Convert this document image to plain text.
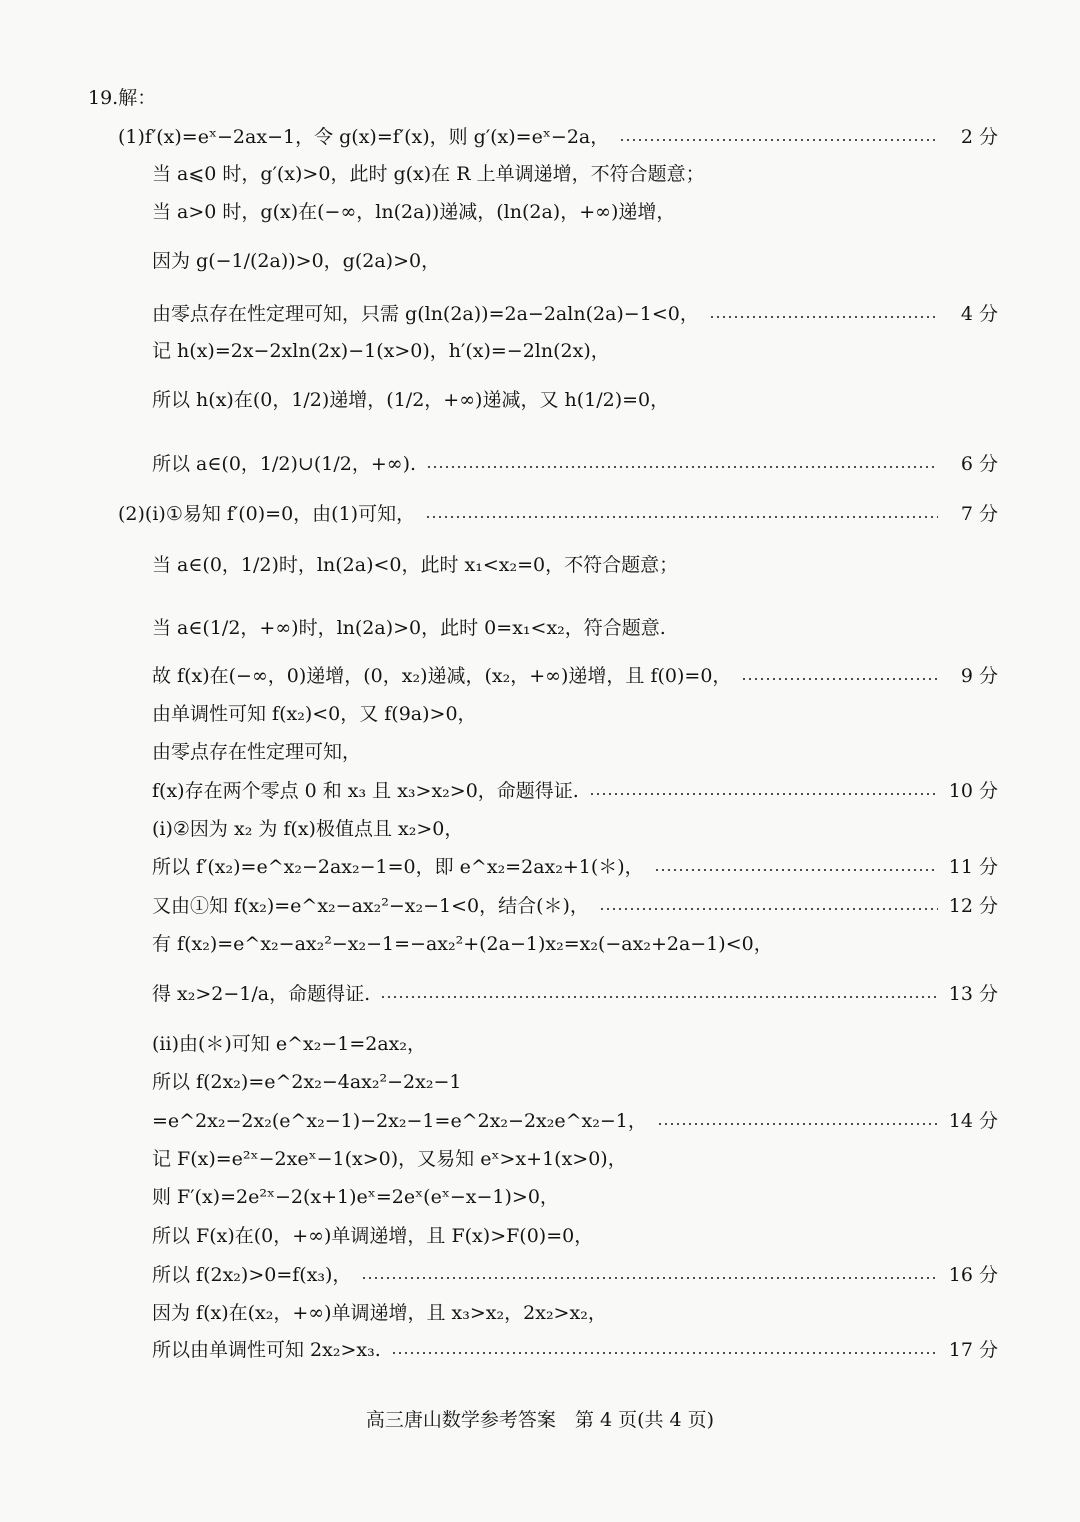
19.解：
(1)f′(x)=eˣ−2ax−1，令 g(x)=f′(x)，则 g′(x)=eˣ−2a，	2 分
当 a⩽0 时，g′(x)>0，此时 g(x)在 R 上单调递增，不符合题意；
当 a>0 时，g(x)在(−∞，ln(2a))递减，(ln(2a)，+∞)递增，
因为 g(−1/(2a))>0，g(2a)>0，
由零点存在性定理可知，只需 g(ln(2a))=2a−2aln(2a)−1<0，	4 分
记 h(x)=2x−2xln(2x)−1(x>0)，h′(x)=−2ln(2x)，
所以 h(x)在(0，1/2)递增，(1/2，+∞)递减，又 h(1/2)=0，
所以 a∈(0，1/2)∪(1/2，+∞).	6 分
(2)(i)①易知 f′(0)=0，由(1)可知，	7 分
当 a∈(0，1/2)时，ln(2a)<0，此时 x₁<x₂=0，不符合题意；
当 a∈(1/2，+∞)时，ln(2a)>0，此时 0=x₁<x₂，符合题意.
故 f(x)在(−∞，0)递增，(0，x₂)递减，(x₂，+∞)递增，且 f(0)=0，	9 分
由单调性可知 f(x₂)<0，又 f(9a)>0，
由零点存在性定理可知，
f(x)存在两个零点 0 和 x₃ 且 x₃>x₂>0，命题得证.	10 分
(i)②因为 x₂ 为 f(x)极值点且 x₂>0，
所以 f′(x₂)=e^x₂−2ax₂−1=0，即 e^x₂=2ax₂+1(＊)，	11 分
又由①知 f(x₂)=e^x₂−ax₂²−x₂−1<0，结合(＊)，	12 分
有 f(x₂)=e^x₂−ax₂²−x₂−1=−ax₂²+(2a−1)x₂=x₂(−ax₂+2a−1)<0，
得 x₂>2−1/a，命题得证.	13 分
(ii)由(＊)可知 e^x₂−1=2ax₂，
所以 f(2x₂)=e^2x₂−4ax₂²−2x₂−1
=e^2x₂−2x₂(e^x₂−1)−2x₂−1=e^2x₂−2x₂e^x₂−1，	14 分
记 F(x)=e²ˣ−2xeˣ−1(x>0)，又易知 eˣ>x+1(x>0)，
则 F′(x)=2e²ˣ−2(x+1)eˣ=2eˣ(eˣ−x−1)>0，
所以 F(x)在(0，+∞)单调递增，且 F(x)>F(0)=0，
所以 f(2x₂)>0=f(x₃)，	16 分
因为 f(x)在(x₂，+∞)单调递增，且 x₃>x₂，2x₂>x₂，
所以由单调性可知 2x₂>x₃.	17 分
高三唐山数学参考答案　第 4 页(共 4 页)
